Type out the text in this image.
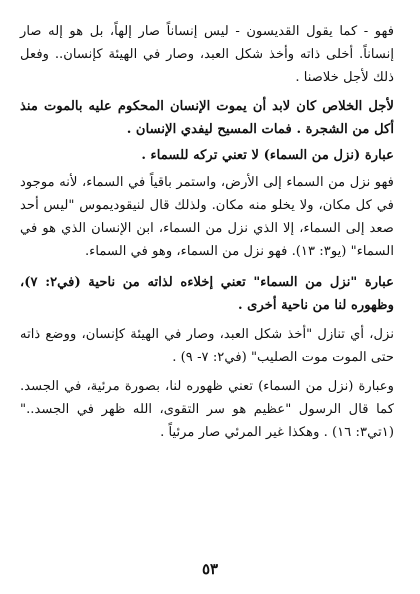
فهو - كما يقول القديسون - ليس إنساناً صار إلهاً، بل هو إله صار إنساناً. أخلى ذاته وأخذ شكل العبد، وصار في الهيئة كإنسان.. وفعل ذلك لأجل خلاصنا .

لأجل الخلاص كان لابد أن يموت الإنسان المحكوم عليه بالموت منذ أكل من الشجرة . فمات المسيح ليفدي الإنسان .

عبارة (نزل من السماء) لا تعني تركه للسماء .

فهو نزل من السماء إلى الأرض، واستمر باقياً في السماء، لأنه موجود في كل مكان، ولا يخلو منه مكان. ولذلك قال لنيقوديموس "ليس أحد صعد إلى السماء، إلا الذي نزل من السماء، ابن الإنسان الذي هو في السماء" (يو٣: ١٣). فهو نزل من السماء، وهو في السماء.

عبارة "نزل من السماء" تعني إخلاءه لذاته من ناحية (في٢: ٧)، وظهوره لنا من ناحية أخرى .

نزل، أي تنازل "أخذ شكل العبد، وصار في الهيئة كإنسان، ووضع ذاته حتى الموت موت الصليب" (في٢: ٧- ٩) .

وعبارة (نزل من السماء) تعني ظهوره لنا، بصورة مرئية، في الجسد. كما قال الرسول "عظيم هو سر التقوى، الله ظهر في الجسد.." (١تي٣: ١٦) . وهكذا غير المرئي صار مرئياً .

٥٣
